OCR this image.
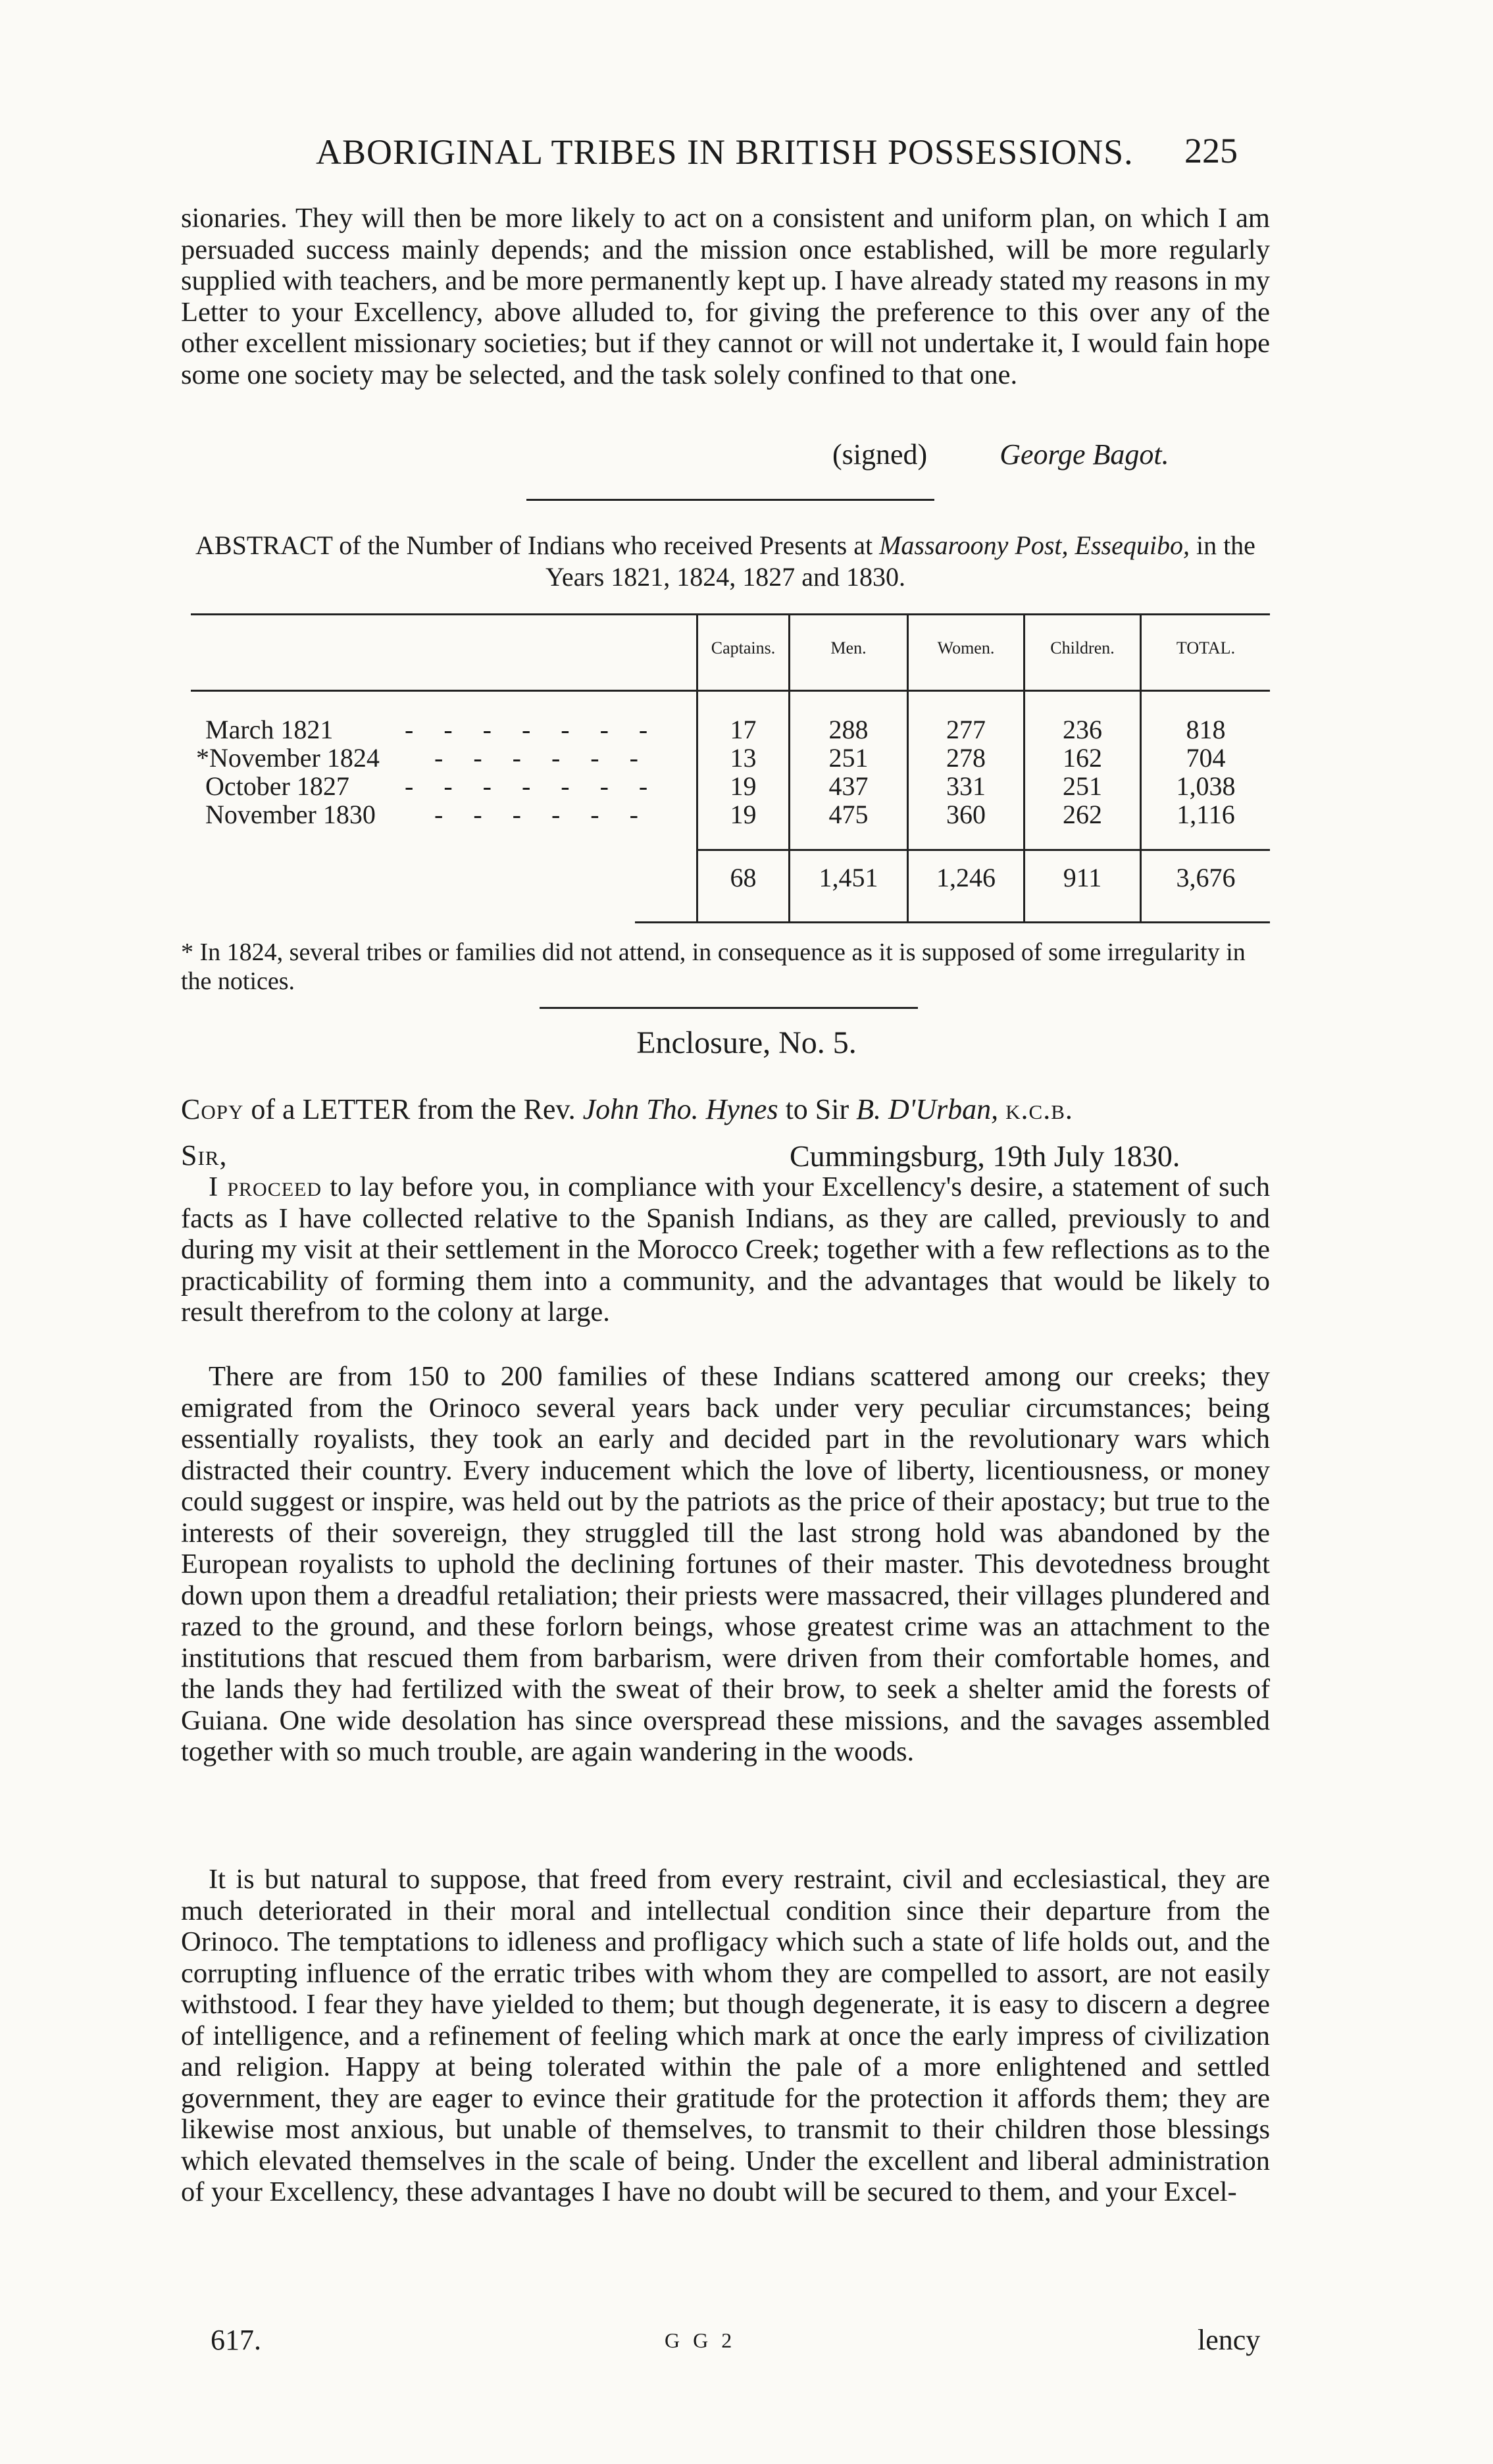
ABORIGINAL TRIBES IN BRITISH POSSESSIONS. 225

sionaries. They will then be more likely to act on a consistent and uniform plan, on which I am persuaded success mainly depends; and the mission once established, will be more regularly supplied with teachers, and be more permanently kept up. I have already stated my reasons in my Letter to your Excellency, above alluded to, for giving the preference to this over any of the other excellent missionary societies; but if they cannot or will not undertake it, I would fain hope some one society may be selected, and the task solely confined to that one.

(signed)	George Bagot.
ABSTRACT of the Number of Indians who received Presents at Massaroony Post, Essequibo, in the Years 1821, 1824, 1827 and 1830.
Captains.	Men.	Women.	Children.	TOTAL.
March 1821	- - - - - - -	17	288	277	236	818
*November 1824 - - - - - -	13	251	278	162	704
October 1827 - - - - - - -	19	437	331	251	1,038
November 1830 - - - - - -	19	475	360	262	1,116
68	1,451	1,246	911	3,676

* In 1824, several tribes or families did not attend, in consequence as it is supposed of some irregularity in the notices.

Enclosure, No. 5.
Copy of a LETTER from the Rev. John Tho. Hynes to Sir B. D'Urban, k.c.b.
Sir,	Cummingsburg, 19th July 1830.

I proceed to lay before you, in compliance with your Excellency's desire, a statement of such facts as I have collected relative to the Spanish Indians, as they are called, previously to and during my visit at their settlement in the Morocco Creek; together with a few reflections as to the practicability of forming them into a community, and the advantages that would be likely to result therefrom to the colony at large.

There are from 150 to 200 families of these Indians scattered among our creeks; they emigrated from the Orinoco several years back under very peculiar circumstances; being essentially royalists, they took an early and decided part in the revolutionary wars which distracted their country. Every inducement which the love of liberty, licentiousness, or money could suggest or inspire, was held out by the patriots as the price of their apostacy; but true to the interests of their sovereign, they struggled till the last strong hold was abandoned by the European royalists to uphold the declining fortunes of their master. This devotedness brought down upon them a dreadful retaliation; their priests were massacred, their villages plundered and razed to the ground, and these forlorn beings, whose greatest crime was an attachment to the institutions that rescued them from barbarism, were driven from their comfortable homes, and the lands they had fertilized with the sweat of their brow, to seek a shelter amid the forests of Guiana. One wide desolation has since overspread these missions, and the savages assembled together with so much trouble, are again wandering in the woods.

It is but natural to suppose, that freed from every restraint, civil and ecclesiastical, they are much deteriorated in their moral and intellectual condition since their departure from the Orinoco. The temptations to idleness and profligacy which such a state of life holds out, and the corrupting influence of the erratic tribes with whom they are compelled to assort, are not easily withstood. I fear they have yielded to them; but though degenerate, it is easy to discern a degree of intelligence, and a refinement of feeling which mark at once the early impress of civilization and religion. Happy at being tolerated within the pale of a more enlightened and settled government, they are eager to evince their gratitude for the protection it affords them; they are likewise most anxious, but unable of themselves, to transmit to their children those blessings which elevated themselves in the scale of being. Under the excellent and liberal administration of your Excellency, these advantages I have no doubt will be secured to them, and your Excel-

617.	G G 2	lency
